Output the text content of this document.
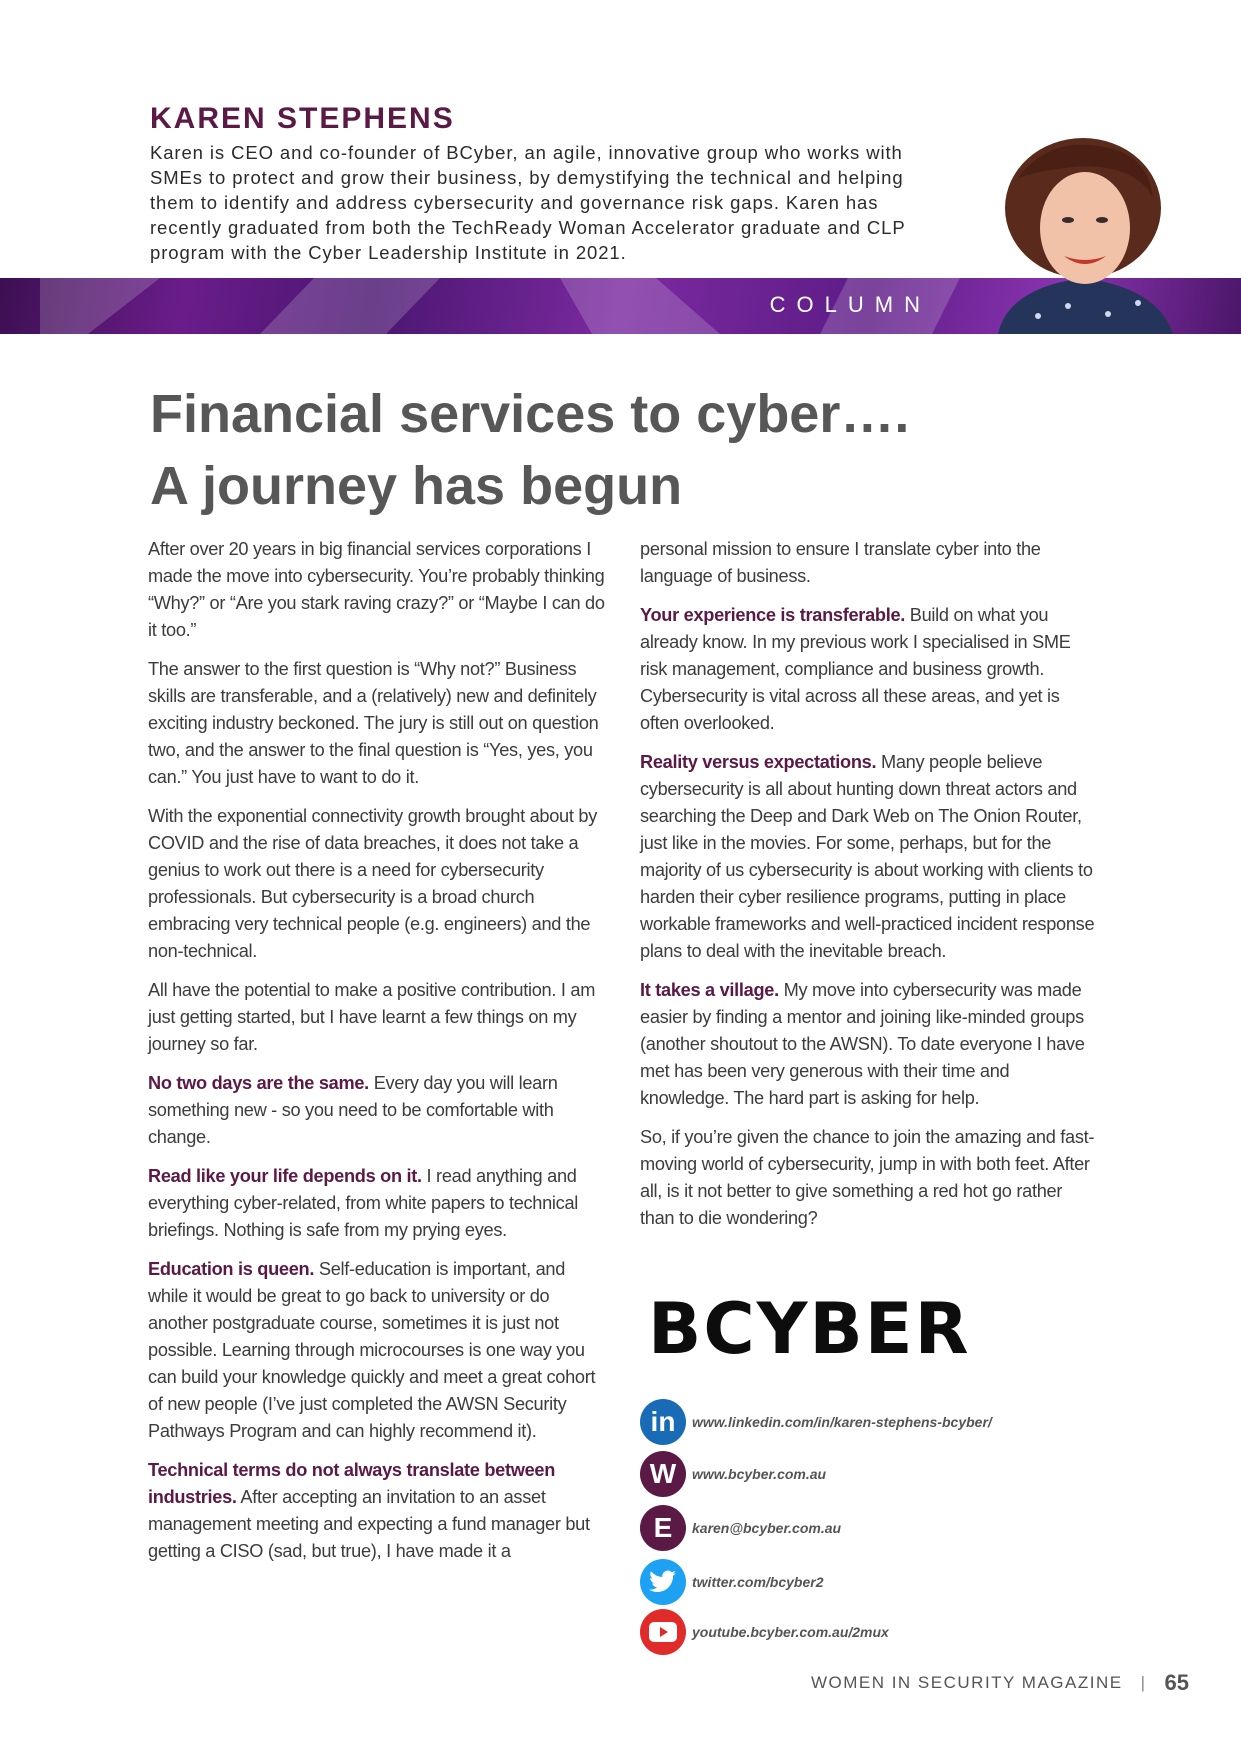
KAREN STEPHENS

Karen is CEO and co-founder of BCyber, an agile, innovative group who works with SMEs to protect and grow their business, by demystifying the technical and helping them to identify and address cybersecurity and governance risk gaps. Karen has recently graduated from both the TechReady Woman Accelerator graduate and CLP program with the Cyber Leadership Institute in 2021.

COLUMN
Financial services to cyber….
A journey has begun

After over 20 years in big financial services corporations I made the move into cybersecurity. You’re probably thinking “Why?” or “Are you stark raving crazy?” or “Maybe I can do it too.”

The answer to the first question is “Why not?” Business skills are transferable, and a (relatively) new and definitely exciting industry beckoned. The jury is still out on question two, and the answer to the final question is “Yes, yes, you can.” You just have to want to do it.

With the exponential connectivity growth brought about by COVID and the rise of data breaches, it does not take a genius to work out there is a need for cybersecurity professionals. But cybersecurity is a broad church embracing very technical people (e.g. engineers) and the non-technical.

All have the potential to make a positive contribution. I am just getting started, but I have learnt a few things on my journey so far.

No two days are the same. Every day you will learn something new - so you need to be comfortable with change.

Read like your life depends on it. I read anything and everything cyber-related, from white papers to technical briefings. Nothing is safe from my prying eyes.

Education is queen. Self-education is important, and while it would be great to go back to university or do another postgraduate course, sometimes it is just not possible. Learning through microcourses is one way you can build your knowledge quickly and meet a great cohort of new people (I’ve just completed the AWSN Security Pathways Program and can highly recommend it).

Technical terms do not always translate between industries. After accepting an invitation to an asset management meeting and expecting a fund manager but getting a CISO (sad, but true), I have made it a

personal mission to ensure I translate cyber into the language of business.

Your experience is transferable. Build on what you already know. In my previous work I specialised in SME risk management, compliance and business growth. Cybersecurity is vital across all these areas, and yet is often overlooked.

Reality versus expectations. Many people believe cybersecurity is all about hunting down threat actors and searching the Deep and Dark Web on The Onion Router, just like in the movies. For some, perhaps, but for the majority of us cybersecurity is about working with clients to harden their cyber resilience programs, putting in place workable frameworks and well-practiced incident response plans to deal with the inevitable breach.

It takes a village. My move into cybersecurity was made easier by finding a mentor and joining like-minded groups (another shoutout to the AWSN). To date everyone I have met has been very generous with their time and knowledge. The hard part is asking for help.

So, if you’re given the chance to join the amazing and fast-moving world of cybersecurity, jump in with both feet. After all, is it not better to give something a red hot go rather than to die wondering?

BCYBER
in	www.linkedin.com/in/karen-stephens-bcyber/
W	www.bcyber.com.au
E	karen@bcyber.com.au
twitter.com/bcyber2
youtube.bcyber.com.au/2mux
WOMEN IN SECURITY MAGAZINE | 65
